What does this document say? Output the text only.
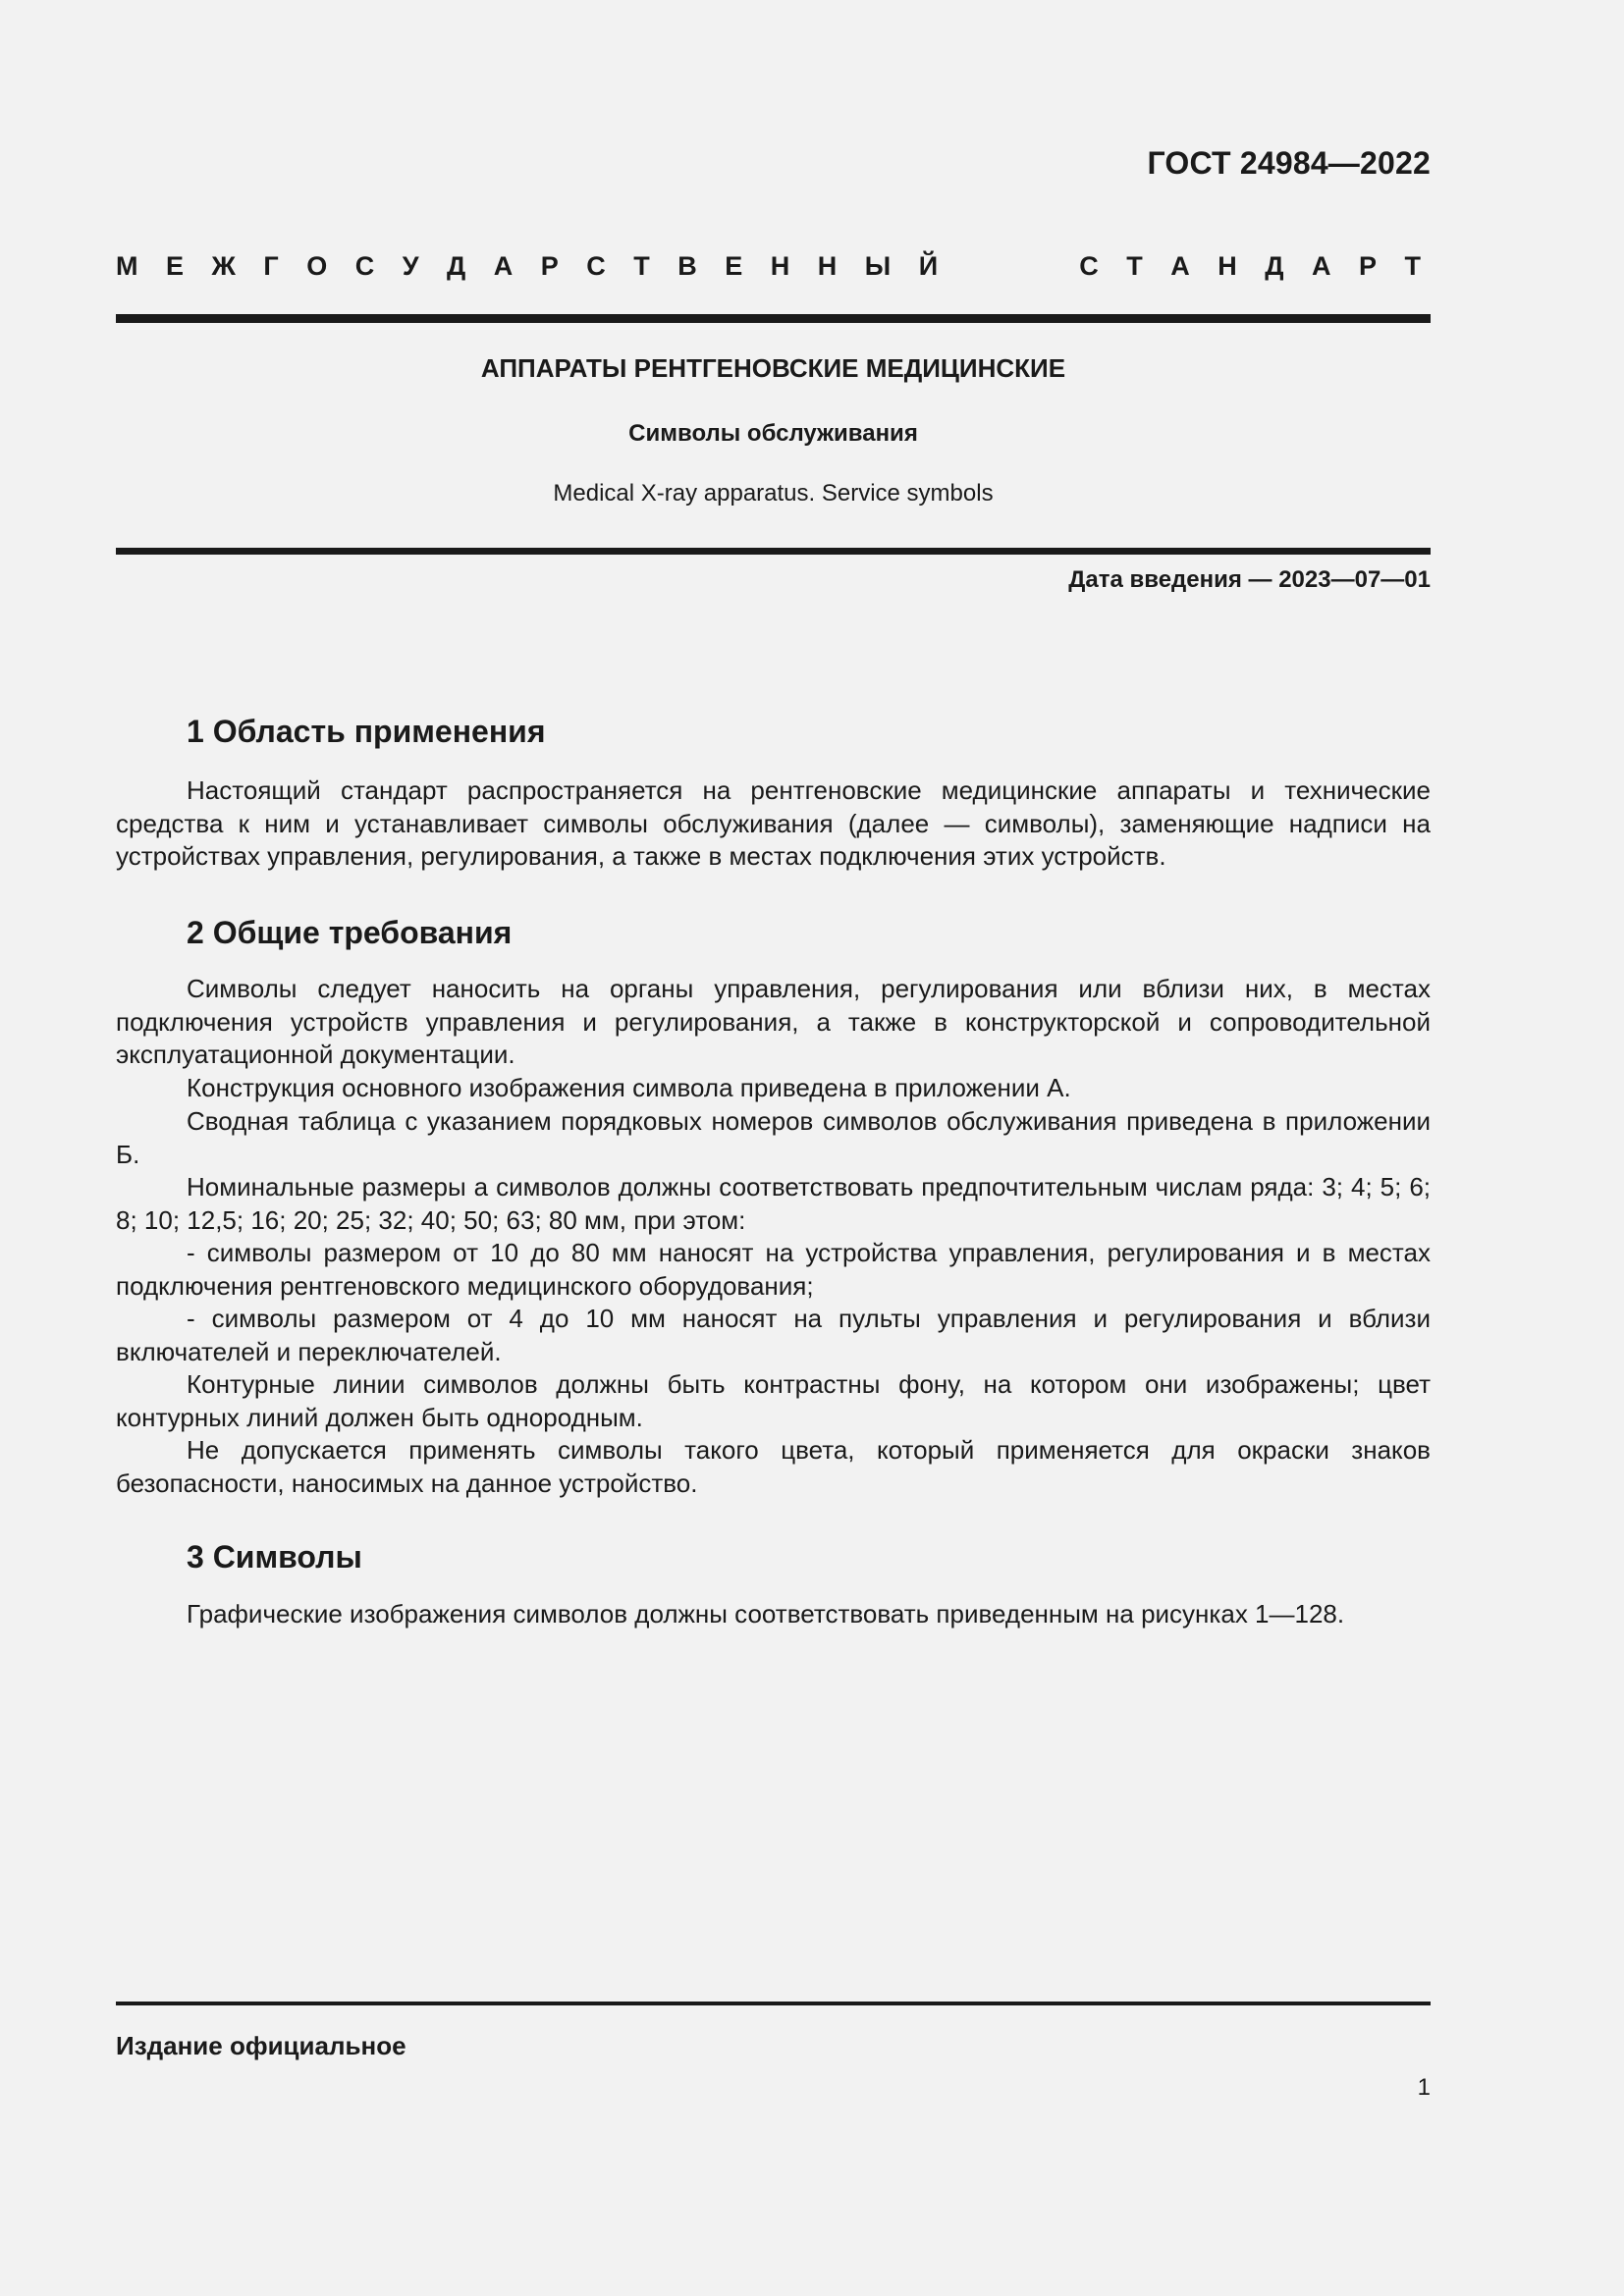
ГОСТ 24984—2022
М Е Ж Г О С У Д А Р С Т В Е Н Н Ы Й	С Т А Н Д А Р Т
АППАРАТЫ РЕНТГЕНОВСКИЕ МЕДИЦИНСКИЕ
Символы обслуживания
Medical X-ray apparatus. Service symbols
Дата введения — 2023—07—01
1 Область применения

Настоящий стандарт распространяется на рентгеновские медицинские аппараты и технические средства к ним и устанавливает символы обслуживания (далее — символы), заменяющие надписи на устройствах управления, регулирования, а также в местах подключения этих устройств.

2 Общие требования

Символы следует наносить на органы управления, регулирования или вблизи них, в местах подключения устройств управления и регулирования, а также в конструкторской и сопроводительной эксплуатационной документации.

Конструкция основного изображения символа приведена в приложении А.

Сводная таблица с указанием порядковых номеров символов обслуживания приведена в приложении Б.

Номинальные размеры а символов должны соответствовать предпочтительным числам ряда: 3; 4; 5; 6; 8; 10; 12,5; 16; 20; 25; 32; 40; 50; 63; 80 мм, при этом:

- символы размером от 10 до 80 мм наносят на устройства управления, регулирования и в местах подключения рентгеновского медицинского оборудования;

- символы размером от 4 до 10 мм наносят на пульты управления и регулирования и вблизи включателей и переключателей.

Контурные линии символов должны быть контрастны фону, на котором они изображены; цвет контурных линий должен быть однородным.

Не допускается применять символы такого цвета, который применяется для окраски знаков безопасности, наносимых на данное устройство.

3 Символы

Графические изображения символов должны соответствовать приведенным на рисунках 1—128.

Издание официальное
1
